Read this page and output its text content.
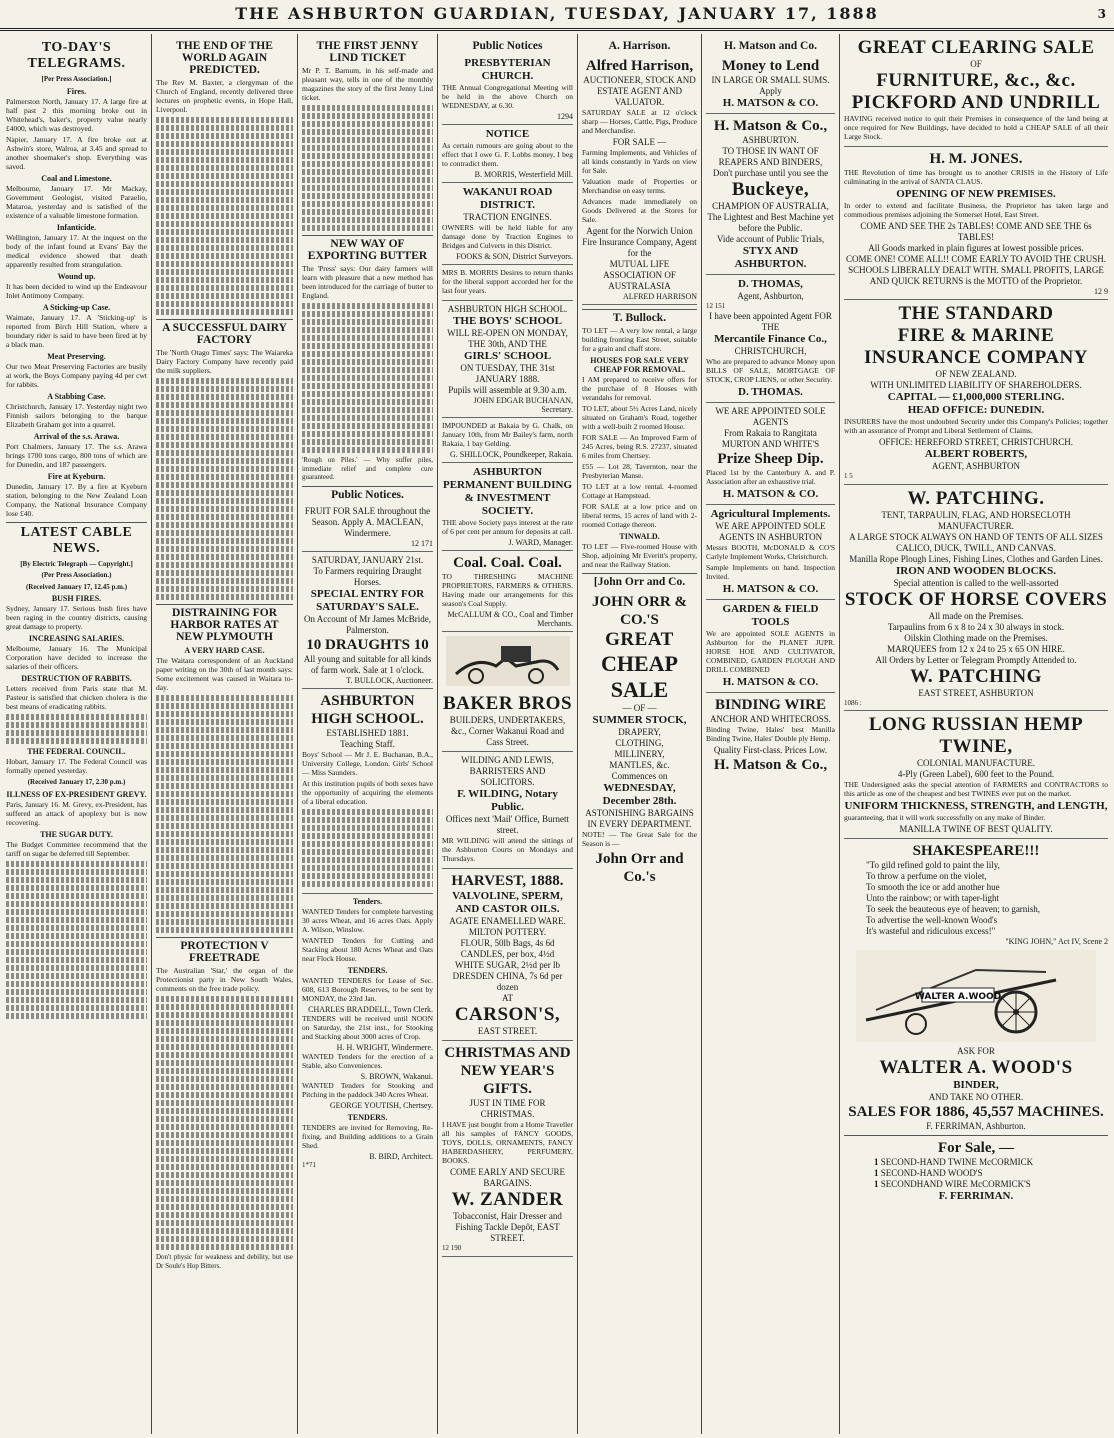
THE ASHBURTON GUARDIAN, TUESDAY, JANUARY 17, 1888	3
TO-DAY'S TELEGRAMS.
[Per Press Association.]
Fires.

Palmerston North, January 17. A large fire at half past 2 this morning broke out in Whitehead's, baker's, property value nearly £4000, which was destroyed.

Napier, January 17. A fire broke out at Ashwin's store, Walroa, at 3.45 and spread to another shoemaker's shop. Everything was saved.

Coal and Limestone.

Melbourne, January 17. Mr Mackay, Government Geologist, visited Paraelio, Mataroa, yesterday and is satisfied of the existence of a valuable limestone formation.

Infanticide.

Wellington, January 17. At the inquest on the body of the infant found at Evans' Bay the medical evidence showed that death apparently resulted from strangulation.

Wound up.

It has been decided to wind up the Endeavour Inlet Antimony Company.

A Sticking-up Case.

Waimate, January 17. A 'Sticking-up' is reported from Birch Hill Station, where a boundary rider is said to have been fired at by a black man.

Meat Preserving.

Our two Meat Preserving Factories are busily at work, the Boys Company paying 4d per cwt for rabbits.

A Stabbing Case.

Christchurch, January 17. Yesterday night two Finnish sailors belonging to the barque Elizabeth Graham got into a quarrel.

Arrival of the s.s. Arawa.

Port Chalmers, January 17. The s.s. Arawa brings 1700 tons cargo, 800 tons of which are for Dunedin, and 187 passengers.

Fire at Kyeburn.

Dunedin, January 17. By a fire at Kyeburn station, belonging to the New Zealand Loan Company, the National Insurance Company lose £40.

LATEST CABLE NEWS.
[By Electric Telegraph — Copyright.]
(Per Press Association.)
(Received January 17, 12.45 p.m.)
BUSH FIRES.

Sydney, January 17. Serious bush fires have been raging in the country districts, causing great damage to property.

INCREASING SALARIES.

Melbourne, January 16. The Municipal Corporation have decided to increase the salaries of their officers.

DESTRUCTION OF RABBITS.

Letters received from Paris state that M. Pasteur is satisfied that chicken cholera is the best means of eradicating rabbits.

THE FEDERAL COUNCIL.

Hobart, January 17. The Federal Council was formally opened yesterday.

(Received January 17, 2.30 p.m.)
ILLNESS OF EX-PRESIDENT GREVY.

Paris, January 16. M. Grevy, ex-President, has suffered an attack of apoplexy but is now recovering.

THE SUGAR DUTY.

The Budget Committee recommend that the tariff on sugar be deferred till September.

THE END OF THE WORLD AGAIN PREDICTED.

The Rev M. Baxter, a clergyman of the Church of England, recently delivered three lectures on prophetic events, in Hope Hall, Liverpool.

A SUCCESSFUL DAIRY FACTORY

The 'North Otago Times' says: The Waiareka Dairy Factory Company have recently paid the milk suppliers.

DISTRAINING FOR HARBOR RATES AT NEW PLYMOUTH
A VERY HARD CASE.

The Waitara correspondent of an Auckland paper writing on the 30th of last month says: Some excitement was caused in Waitara to-day.

PROTECTION V FREETRADE

The Australian 'Star,' the organ of the Protectionist party in New South Wales, comments on the free trade policy.

Don't physic for weakness and debility, but use Dr Soule's Hop Bitters.

THE FIRST JENNY LIND TICKET

Mr P. T. Barnum, in his self-made and pleasant way, tells in one of the monthly magazines the story of the first Jenny Lind ticket.

NEW WAY OF EXPORTING BUTTER

The 'Press' says: Our dairy farmers will learn with pleasure that a new method has been introduced for the carriage of butter to England.

'Rough on Piles.' — Why suffer piles, immediate relief and complete cure guaranteed.

Public Notices.
FRUIT FOR SALE throughout the Season. Apply A. MACLEAN, Windermere.
12 171
SATURDAY, JANUARY 21st.
To Farmers requiring Draught Horses.
SPECIAL ENTRY FOR SATURDAY'S SALE.
On Account of Mr James McBride, Palmerston.
10 DRAUGHTS 10
All young and suitable for all kinds of farm work. Sale at 1 o'clock.
T. BULLOCK, Auctioneer.
ASHBURTON HIGH SCHOOL.
ESTABLISHED 1881.
Teaching Staff.

Boys' School — Mr J. E. Buchanan, B.A., University College, London. Girls' School — Miss Saunders.

At this institution pupils of both sexes have the opportunity of acquiring the elements of a liberal education.

Tenders.

WANTED Tenders for complete harvesting 30 acres Wheat, and 16 acres Oats. Apply A. Wilson, Winslow.

WANTED Tenders for Cutting and Stacking about 180 Acres Wheat and Oats near Flock House.

TENDERS.

WANTED TENDERS for Lease of Sec. 608, 613 Borough Reserves, to be sent by MONDAY, the 23rd Jan.

CHARLES BRADDELL, Town Clerk.

TENDERS will be received until NOON on Saturday, the 21st inst., for Stooking and Stacking about 3000 acres of Crop.

H. H. WRIGHT, Windermere.

WANTED Tenders for the erection of a Stable, also Conveniences.

S. BROWN, Wakanui.

WANTED Tenders for Stooking and Pitching in the paddock 340 Acres Wheat.

GEORGE YOUTISH, Chertsey.
TENDERS.

TENDERS are invited for Removing, Re-fixing, and Building additions to a Grain Shed.

B. BIRD, Architect.
1*71
Public Notices
PRESBYTERIAN CHURCH.

THE Annual Congregational Meeting will be held in the above Church on WEDNESDAY, at 6.30.

1294
NOTICE

As certain rumours are going about to the effect that I owe G. F. Lobbs money, I beg to contradict them.

B. MORRIS, Westerfield Mill.
WAKANUI ROAD DISTRICT.
TRACTION ENGINES.

OWNERS will be held liable for any damage done by Traction Engines to Bridges and Culverts in this District.

FOOKS & SON, District Surveyors.

MRS B. MORRIS Desires to return thanks for the liberal support accorded her for the last four years.

ASHBURTON HIGH SCHOOL.
THE BOYS' SCHOOL
WILL RE-OPEN ON MONDAY, THE 30th, AND THE
GIRLS' SCHOOL
ON TUESDAY, THE 31st JANUARY 1888.
Pupils will assemble at 9.30 a.m.
JOHN EDGAR BUCHANAN, Secretary.

IMPOUNDED at Bakaia by G. Chalk, on January 10th, from Mr Bailey's farm, north Rakaia, 1 bay Gelding.

G. SHILLOCK, Poundkeeper, Rakaia.
ASHBURTON PERMANENT BUILDING & INVESTMENT SOCIETY.

THE above Society pays interest at the rate of 6 per cent per annum for deposits at call.

J. WARD, Manager.
Coal. Coal. Coal.

TO THRESHING MACHINE PROPRIETORS, FARMERS & OTHERS. Having made our arrangements for this season's Coal Supply.

McCALLUM & CO., Coal and Timber Merchants.
BAKER BROS
BUILDERS, UNDERTAKERS, &c., Corner Wakanui Road and Cass Street.
WILDING AND LEWIS, BARRISTERS AND SOLICITORS.
F. WILDING, Notary Public.
Offices next 'Mail' Office, Burnett street.

MR WILDING will attend the sittings of the Ashburton Courts on Mondays and Thursdays.

HARVEST, 1888.
VALVOLINE, SPERM, AND CASTOR OILS.
AGATE ENAMELLED WARE.
MILTON POTTERY.
FLOUR, 50lb Bags, 4s 6d
CANDLES, per box, 4½d
WHITE SUGAR, 2½d per lb
DRESDEN CHINA, 7s 6d per dozen
AT
CARSON'S,
EAST STREET.
CHRISTMAS AND NEW YEAR'S GIFTS.
JUST IN TIME FOR CHRISTMAS.

I HAVE just bought from a Home Traveller all his samples of FANCY GOODS, TOYS, DOLLS, ORNAMENTS, FANCY HABERDASHERY, PERFUMERY, BOOKS.

COME EARLY AND SECURE BARGAINS.
W. ZANDER
Tobacconist, Hair Dresser and Fishing Tackle Depôt, EAST STREET.
12 190
A. Harrison.
Alfred Harrison,
AUCTIONEER, STOCK AND ESTATE AGENT AND VALUATOR.

SATURDAY SALE at 12 o'clock sharp — Horses, Cattle, Pigs, Produce and Merchandise.

FOR SALE —

Farming Implements, and Vehicles of all kinds constantly in Yards on view for Sale.

Valuation made of Properties or Merchandise on easy terms.

Advances made immediately on Goods Delivered at the Stores for Sale.

Agent for the Norwich Union Fire Insurance Company, Agent for the
MUTUAL LIFE ASSOCIATION OF AUSTRALASIA
ALFRED HARRISON
T. Bullock.

TO LET — A very low rental, a large building fronting East Street, suitable for a grain and chaff store.

HOUSES FOR SALE VERY CHEAP FOR REMOVAL.

I AM prepared to receive offers for the purchase of 8 Houses with verandahs for removal.

TO LET, about 5½ Acres Land, nicely situated on Graham's Road, together with a well-built 2 roomed House.

FOR SALE — An Improved Farm of 245 Acres, being R.S. 27237, situated 6 miles from Chertsey.

£55 — Lot 28, Tavernton, near the Presbyterian Manse.

TO LET at a low rental. 4-roomed Cottage at Hampstead.

FOR SALE at a low price and on liberal terms, 15 acres of land with 2-roomed Cottage thereon.

TINWALD.

TO LET — Five-roomed House with Shop, adjoining Mr Everitt's property, and near the Railway Station.

[John Orr and Co.
JOHN ORR & CO.'S
GREAT
CHEAP SALE
— OF —
SUMMER STOCK,
DRAPERY,
CLOTHING,
MILLINERY,
MANTLES, &c.
Commences on
WEDNESDAY, December 28th.
ASTONISHING BARGAINS
IN EVERY DEPARTMENT.

NOTE! — The Great Sale for the Season is —

John Orr and Co.'s
H. Matson and Co.
Money to Lend
IN LARGE OR SMALL SUMS.
Apply
H. MATSON & CO.
H. Matson & Co.,
ASHBURTON.
TO THOSE IN WANT OF REAPERS AND BINDERS,
Don't purchase until you see the
Buckeye,
CHAMPION OF AUSTRALIA,
The Lightest and Best Machine yet before the Public.
Vide account of Public Trials,
STYX AND ASHBURTON.
D. THOMAS,
Agent, Ashburton,
12 151
I have been appointed Agent FOR THE
Mercantile Finance Co.,
CHRISTCHURCH,

Who are prepared to advance Money upon BILLS OF SALE, MORTGAGE OF STOCK, CROP LIENS, or other Security.

D. THOMAS.
WE ARE APPOINTED SOLE AGENTS
From Rakaia to Rangitata
MURTON AND WHITE'S
Prize Sheep Dip.

Placed 1st by the Canterbury A. and P. Association after an exhaustive trial.

H. MATSON & CO.
Agricultural Implements.
WE ARE APPOINTED SOLE AGENTS IN ASHBURTON

Messrs BOOTH, McDONALD & CO'S Carlyle Implement Works, Christchurch.

Sample Implements on hand. Inspection Invited.

H. MATSON & CO.
GARDEN & FIELD TOOLS

We are appointed SOLE AGENTS in Ashburton for the PLANET JUPR. HORSE HOE AND CULTIVATOR, COMBINED, GARDEN PLOUGH AND DRILL COMBINED

H. MATSON & CO.
BINDING WIRE
ANCHOR AND WHITECROSS.

Binding Twine, Hales' best Manilla Binding Twine, Hales' Double ply Hemp.

Quality First-class. Prices Low.
H. Matson & Co.,
GREAT CLEARING SALE
OF
FURNITURE, &c., &c.
PICKFORD AND UNDRILL

HAVING received notice to quit their Premises in consequence of the land being at once required for New Buildings, have decided to hold a CHEAP SALE of all their Large Stock.

H. M. JONES.

THE Revolution of time has brought us to another CRISIS in the History of Life culminating in the arrival of SANTA CLAUS.

OPENING OF NEW PREMISES.

In order to extend and facilitate Business, the Proprietor has taken large and commodious premises adjoining the Somerset Hotel, East Street.

COME AND SEE THE 2s TABLES! COME AND SEE THE 6s TABLES!
All Goods marked in plain figures at lowest possible prices.
COME ONE! COME ALL!! COME EARLY TO AVOID THE CRUSH.
SCHOOLS LIBERALLY DEALT WITH. SMALL PROFITS, LARGE AND QUICK RETURNS is the MOTTO of the Proprietor.
12 9
THE STANDARD
FIRE & MARINE INSURANCE COMPANY
OF NEW ZEALAND.
WITH UNLIMITED LIABILITY OF SHAREHOLDERS.
CAPITAL — £1,000,000 STERLING.
HEAD OFFICE: DUNEDIN.

INSURERS have the most undoubted Security under this Company's Policies; together with an assurance of Prompt and Liberal Settlement of Claims.

OFFICE: HEREFORD STREET, CHRISTCHURCH.
ALBERT ROBERTS,
AGENT, ASHBURTON
1 5
W. PATCHING.
TENT, TARPAULIN, FLAG, AND HORSECLOTH MANUFACTURER.
A LARGE STOCK ALWAYS ON HAND OF TENTS OF ALL SIZES CALICO, DUCK, TWILL, AND CANVAS.
Manilla Rope Plough Lines, Fishing Lines, Clothes and Garden Lines.
IRON AND WOODEN BLOCKS.
Special attention is called to the well-assorted
STOCK OF HORSE COVERS
All made on the Premises.
Tarpaulins from 6 x 8 to 24 x 30 always in stock.
Oilskin Clothing made on the Premises.
MARQUEES from 12 x 24 to 25 x 65 ON HIRE.
All Orders by Letter or Telegram Promptly Attended to.
W. PATCHING
EAST STREET, ASHBURTON
1086 :
LONG RUSSIAN HEMP TWINE,
COLONIAL MANUFACTURE.
4-Ply (Green Label), 600 feet to the Pound.

THE Undersigned asks the special attention of FARMERS and CONTRACTORS to this article as one of the cheapest and best TWINES ever put on the market.

UNIFORM THICKNESS, STRENGTH, and LENGTH,

guaranteeing, that it will work successfully on any make of Binder.

MANILLA TWINE OF BEST QUALITY.
SHAKESPEARE!!!
"To gild refined gold to paint the lily,
To throw a perfume on the violet,
To smooth the ice or add another hue
Unto the rainbow; or with taper-light
To seek the beauteous eye of heaven; to garnish,
To advertise the well-known Wood's
It's wasteful and ridiculous excess!"
"KING JOHN," Act IV, Scene 2
WALTER A.WOOD
ASK FOR
WALTER A. WOOD'S
BINDER,
AND TAKE NO OTHER.
SALES FOR 1886, 45,557 MACHINES.
F. FERRIMAN, Ashburton.
For Sale, —
1 SECOND-HAND TWINE McCORMICK
1 SECOND-HAND WOOD'S
1 SECONDHAND WIRE McCORMICK'S
F. FERRIMAN.
